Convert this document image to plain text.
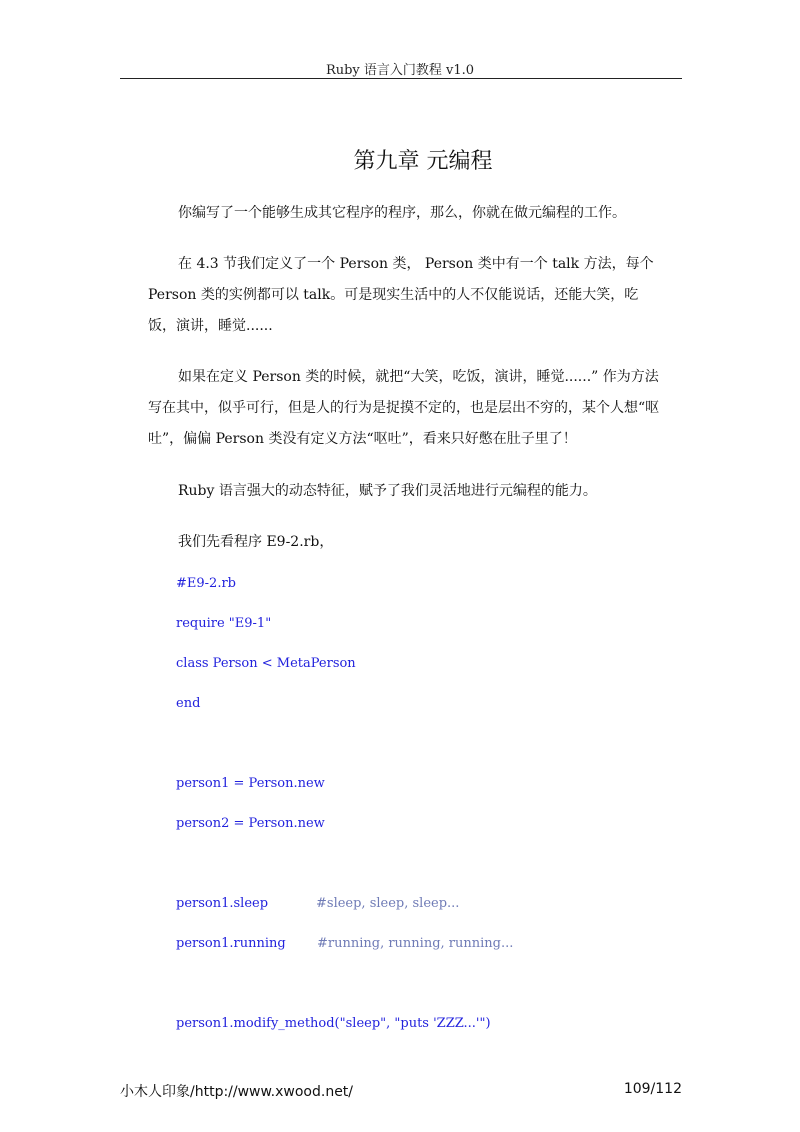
Ruby 语言入门教程 v1.0
第九章 元编程
你编写了一个能够生成其它程序的程序，那么，你就在做元编程的工作。
在 4.3 节我们定义了一个 Person 类， Person 类中有一个 talk 方法，每个Person 类的实例都可以 talk。可是现实生活中的人不仅能说话，还能大笑，吃饭，演讲，睡觉......
如果在定义 Person 类的时候，就把“大笑，吃饭，演讲，睡觉......” 作为方法写在其中，似乎可行，但是人的行为是捉摸不定的，也是层出不穷的，某个人想“呕吐”，偏偏 Person 类没有定义方法“呕吐”，看来只好憋在肚子里了！
Ruby 语言强大的动态特征，赋予了我们灵活地进行元编程的能力。
我们先看程序 E9-2.rb，
#E9-2.rb
require "E9-1"
class Person < MetaPerson
end
person1 = Person.new
person2 = Person.new
person1.sleep	#sleep, sleep, sleep...
person1.running #running, running, running...
person1.modify_method("sleep", "puts 'ZZZ...'")
小木人印象/http://www.xwood.net/	109/112
